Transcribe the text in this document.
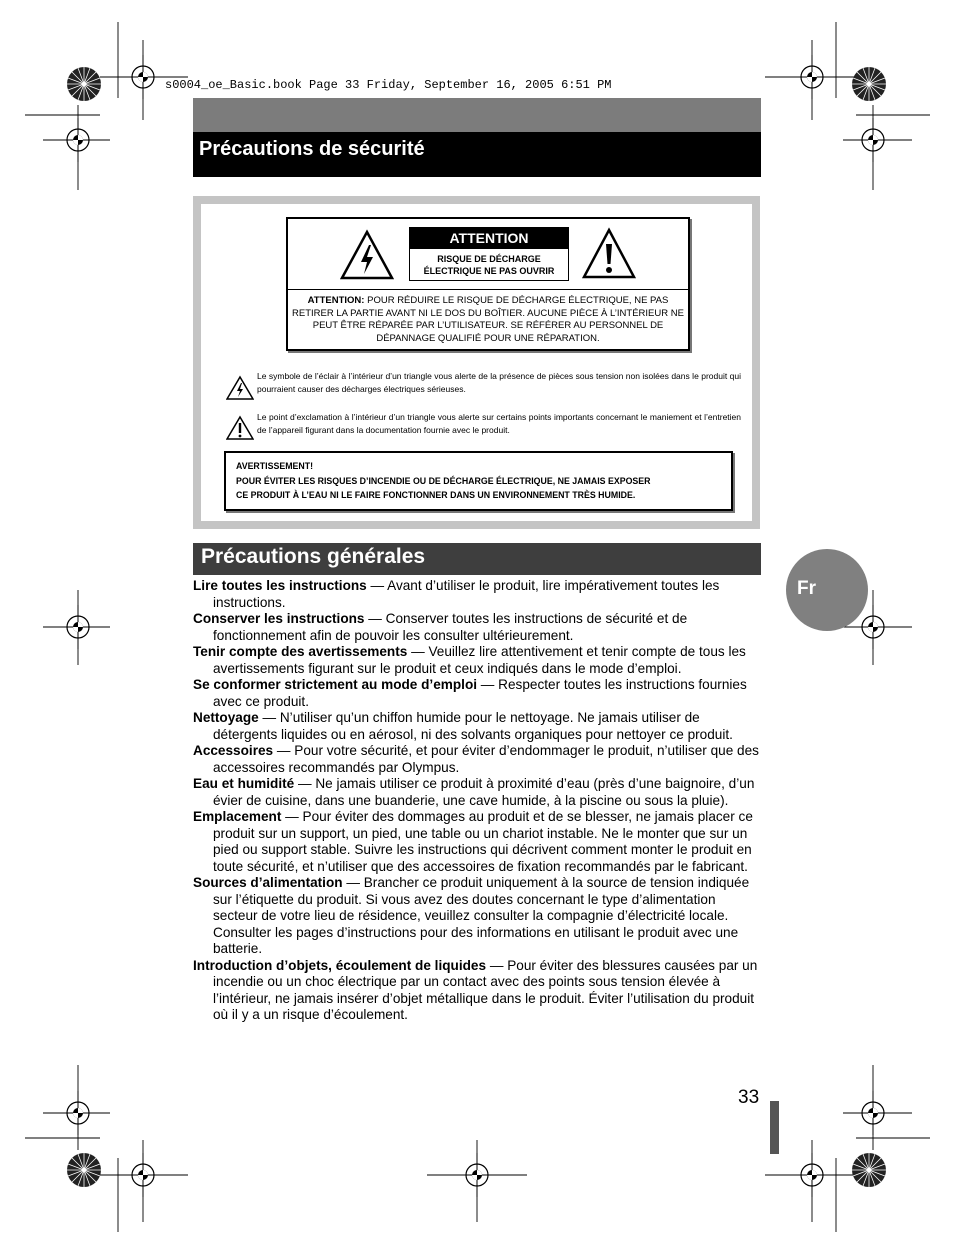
s0004_oe_Basic.book Page 33 Friday, September 16, 2005 6:51 PM
Précautions de sécurité
ATTENTION
RISQUE DE DÉCHARGE
ÉLECTRIQUE NE PAS OUVRIR
ATTENTION: POUR RÉDUIRE LE RISQUE DE DÉCHARGE ÉLECTRIQUE, NE PAS RETIRER LA PARTIE AVANT NI LE DOS DU BOÎTIER. AUCUNE PIÈCE À L’INTÉRIEUR NE PEUT ÊTRE RÉPARÉE PAR L’UTILISATEUR. SE RÉFÉRER AU PERSONNEL DE DÉPANNAGE QUALIFIÉ POUR UNE RÉPARATION.

Le symbole de l’éclair à l’intérieur d’un triangle vous alerte de la présence de pièces sous tension non isolées dans le produit qui pourraient causer des décharges électriques sérieuses.

Le point d’exclamation à l’intérieur d’un triangle vous alerte sur certains points importants concernant le maniement et l’entretien de l’appareil figurant dans la documentation fournie avec le produit.

AVERTISSEMENT!
POUR ÉVITER LES RISQUES D’INCENDIE OU DE DÉCHARGE ÉLECTRIQUE, NE JAMAIS EXPOSER
CE PRODUIT À L’EAU NI LE FAIRE FONCTIONNER DANS UN ENVIRONNEMENT TRÈS HUMIDE.
Précautions générales

Lire toutes les instructions — Avant d’utiliser le produit, lire impérativement toutes les instructions.

Conserver les instructions — Conserver toutes les instructions de sécurité et de fonctionnement afin de pouvoir les consulter ultérieurement.

Tenir compte des avertissements — Veuillez lire attentivement et tenir compte de tous les avertissements figurant sur le produit et ceux indiqués dans le mode d’emploi.

Se conformer strictement au mode d’emploi — Respecter toutes les instructions fournies avec ce produit.

Nettoyage — N’utiliser qu’un chiffon humide pour le nettoyage. Ne jamais utiliser de détergents liquides ou en aérosol, ni des solvants organiques pour nettoyer ce produit.

Accessoires — Pour votre sécurité, et pour éviter d’endommager le produit, n’utiliser que des accessoires recommandés par Olympus.

Eau et humidité — Ne jamais utiliser ce produit à proximité d’eau (près d’une baignoire, d’un évier de cuisine, dans une buanderie, une cave humide, à la piscine ou sous la pluie).

Emplacement — Pour éviter des dommages au produit et de se blesser, ne jamais placer ce produit sur un support, un pied, une table ou un chariot instable. Ne le monter que sur un pied ou support stable. Suivre les instructions qui décrivent comment monter le produit en toute sécurité, et n’utiliser que des accessoires de fixation recommandés par le fabricant.

Sources d’alimentation — Brancher ce produit uniquement à la source de tension indiquée sur l’étiquette du produit. Si vous avez des doutes concernant le type d’alimentation secteur de votre lieu de résidence, veuillez consulter la compagnie d’électricité locale. Consulter les pages d’instructions pour des informations en utilisant le produit avec une batterie.

Introduction d’objets, écoulement de liquides — Pour éviter des blessures causées par un incendie ou un choc électrique par un contact avec des points sous tension élevée à l’intérieur, ne jamais insérer d’objet métallique dans le produit. Éviter l’utilisation du produit où il y a un risque d’écoulement.

Fr
33
